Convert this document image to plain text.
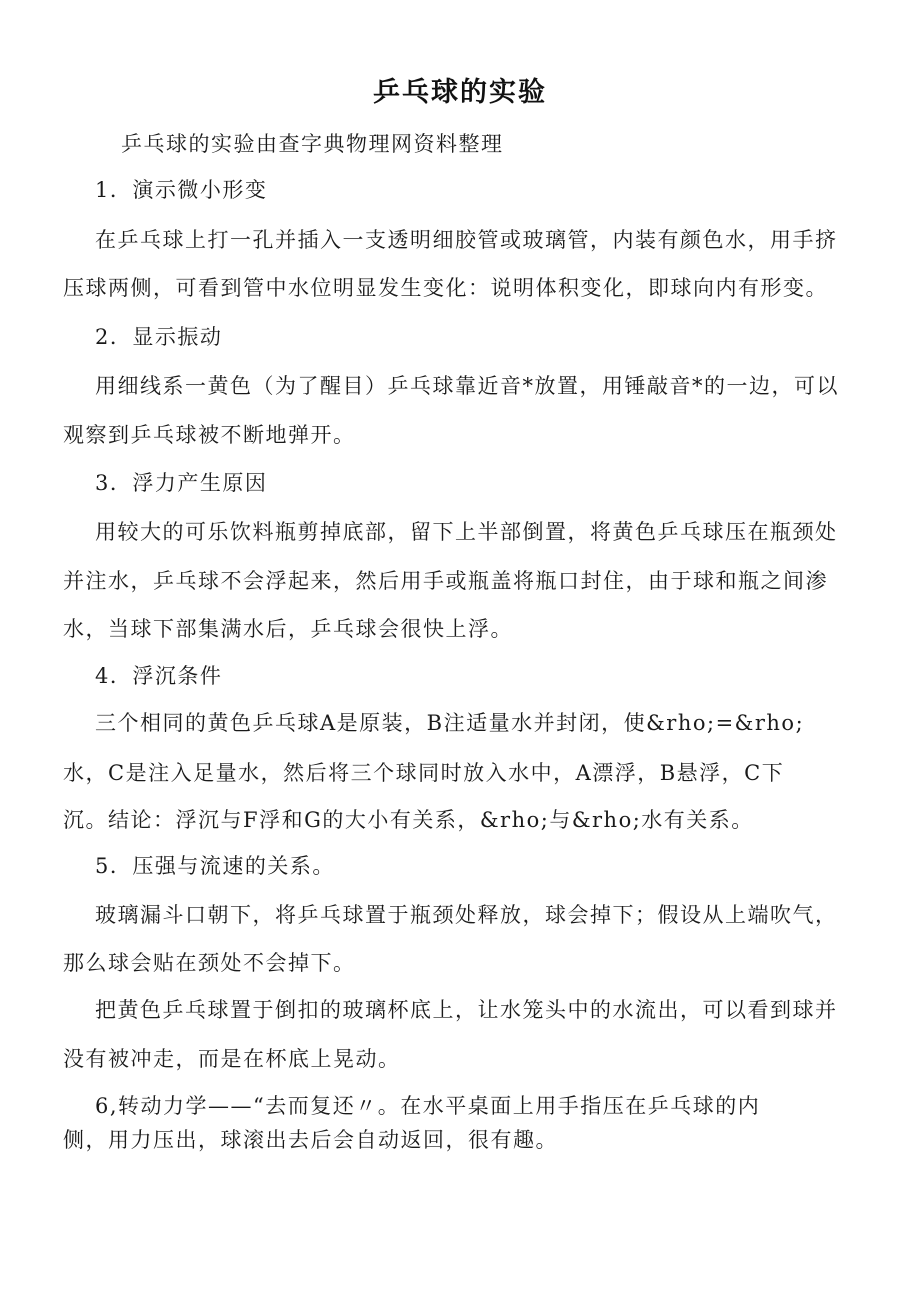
乒乓球的实验
乒乓球的实验由查字典物理网资料整理
1．演示微小形变
在乒乓球上打一孔并插入一支透明细胶管或玻璃管，内装有颜色水，用手挤
压球两侧，可看到管中水位明显发生变化：说明体积变化，即球向内有形变。
2．显示振动
用细线系一黄色（为了醒目）乒乓球靠近音*放置，用锤敲音*的一边，可以
观察到乒乓球被不断地弹开。
3．浮力产生原因
用较大的可乐饮料瓶剪掉底部，留下上半部倒置，将黄色乒乓球压在瓶颈处
并注水，乒乓球不会浮起来，然后用手或瓶盖将瓶口封住，由于球和瓶之间渗
水，当球下部集满水后，乒乓球会很快上浮。
4．浮沉条件
三个相同的黄色乒乓球A是原装，B注适量水并封闭，使&rho;=&rho;
水，C是注入足量水，然后将三个球同时放入水中，A漂浮，B悬浮，C下
沉。结论：浮沉与F浮和G的大小有关系，&rho;与&rho;水有关系。
5．压强与流速的关系。
玻璃漏斗口朝下，将乒乓球置于瓶颈处释放，球会掉下；假设从上端吹气，
那么球会贴在颈处不会掉下。
把黄色乒乓球置于倒扣的玻璃杯底上，让水笼头中的水流出，可以看到球并
没有被冲走，而是在杯底上晃动。
6,转动力学——“去而复还〃。在水平桌面上用手指压在乒乓球的内
侧，用力压出，球滚出去后会自动返回，很有趣。
